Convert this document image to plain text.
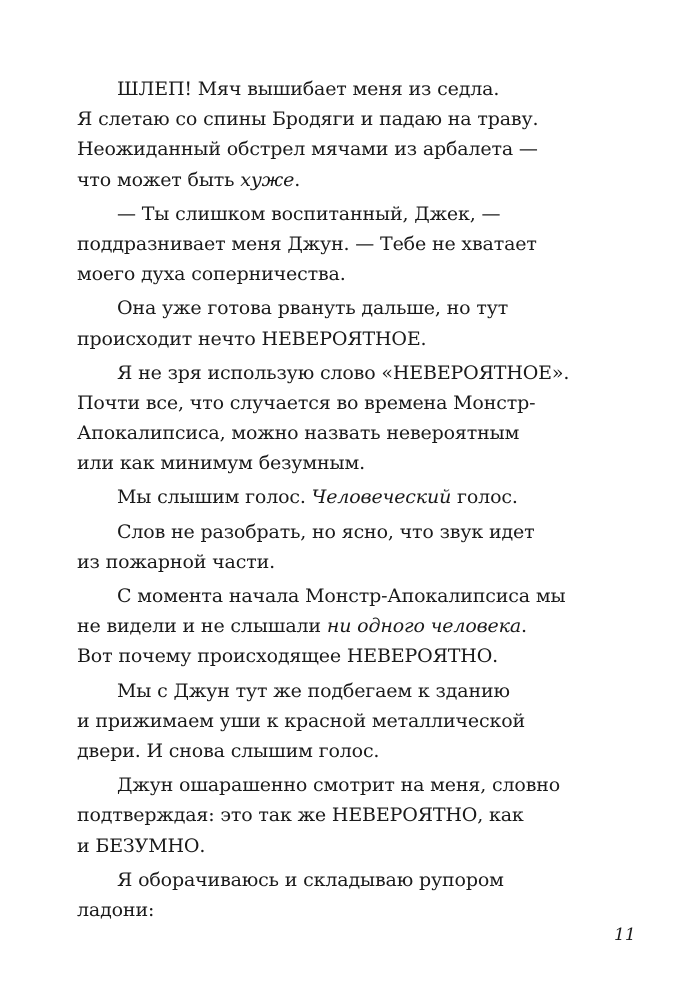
ШЛЕП! Мяч вышибает меня из седла.
Я слетаю со спины Бродяги и падаю на траву.
Неожиданный обстрел мячами из арбалета —
что может быть хуже.
— Ты слишком воспитанный, Джек, —
поддразнивает меня Джун. — Тебе не хватает
моего духа соперничества.
Она уже готова рвануть дальше, но тут
происходит нечто НЕВЕРОЯТНОЕ.
Я не зря использую слово «НЕВЕРОЯТНОЕ».
Почти все, что случается во времена Монстр-
Апокалипсиса, можно назвать невероятным
или как минимум безумным.
Мы слышим голос. Человеческий голос.
Слов не разобрать, но ясно, что звук идет
из пожарной части.
С момента начала Монстр-Апокалипсиса мы
не видели и не слышали ни одного человека.
Вот почему происходящее НЕВЕРОЯТНО.
Мы с Джун тут же подбегаем к зданию
и прижимаем уши к красной металлической
двери. И снова слышим голос.
Джун ошарашенно смотрит на меня, словно
подтверждая: это так же НЕВЕРОЯТНО, как
и БЕЗУМНО.
Я оборачиваюсь и складываю рупором
ладони:
11
